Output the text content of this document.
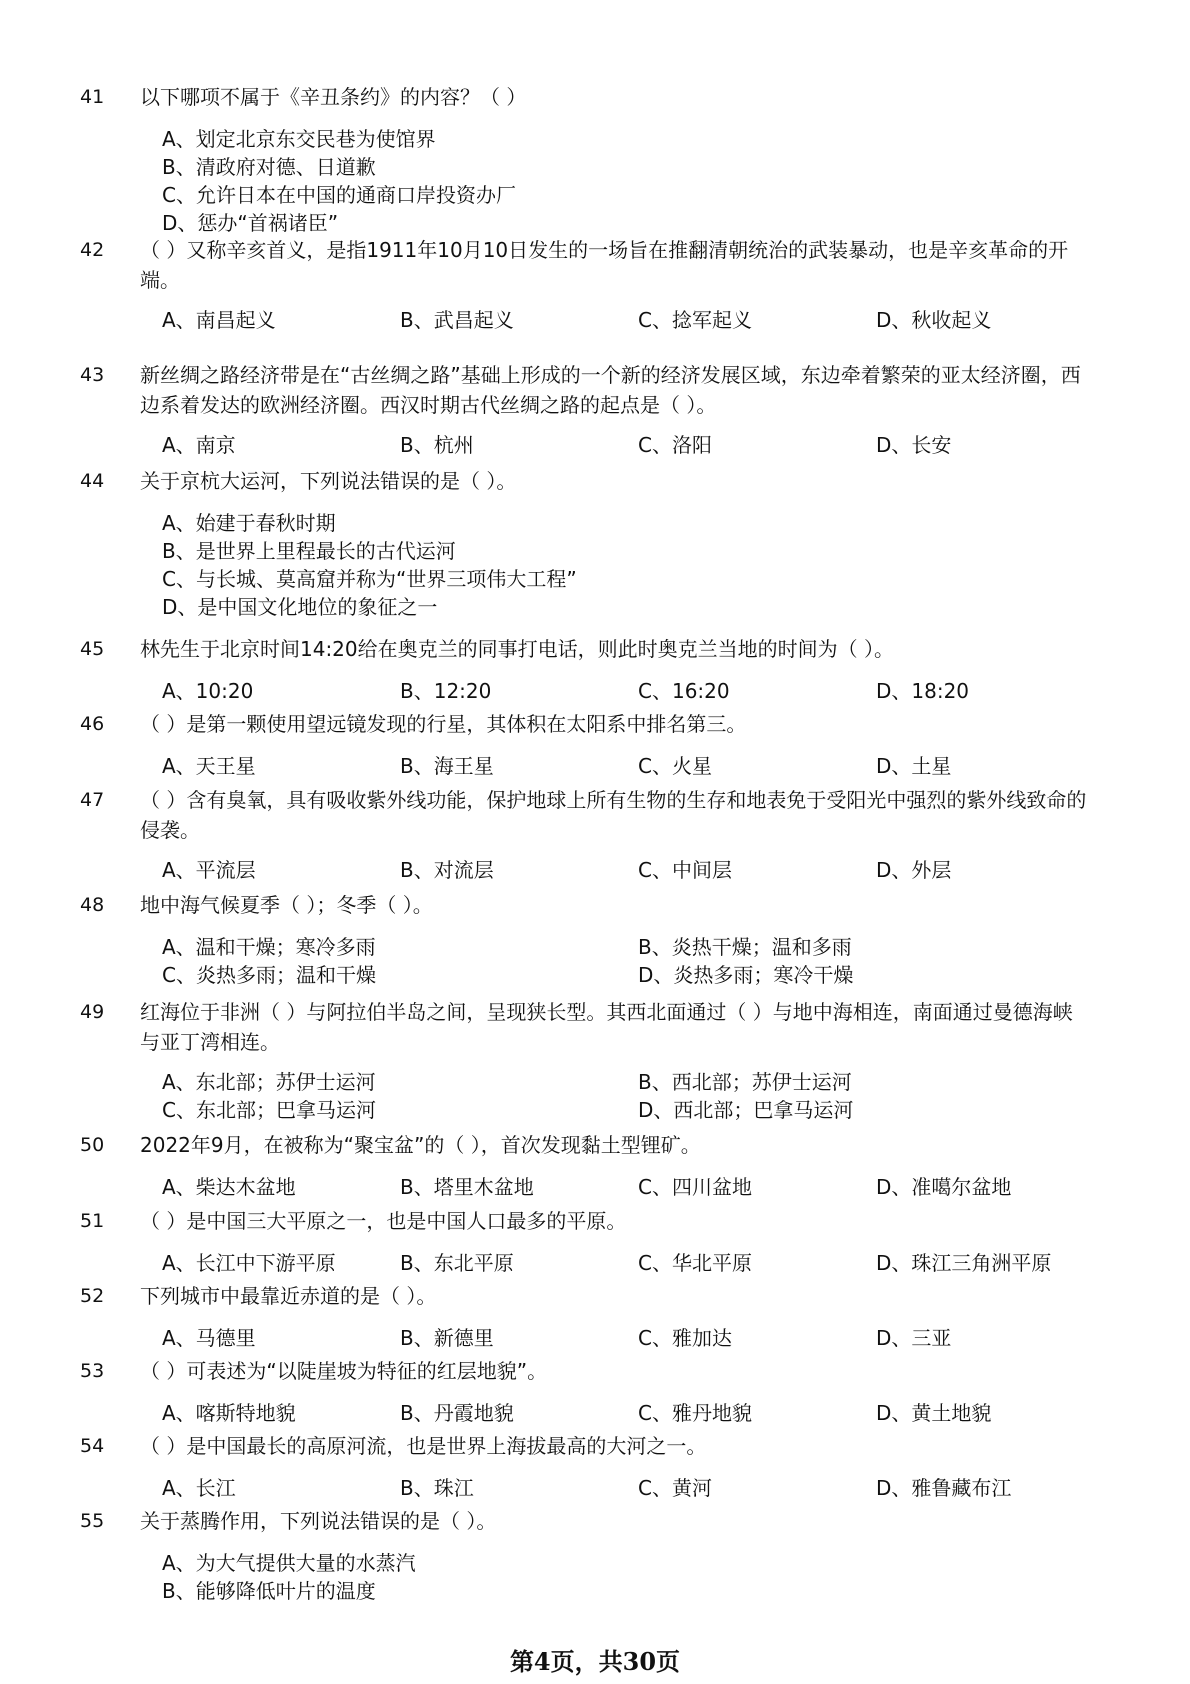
41 以下哪项不属于《辛丑条约》的内容？（ ）
A、划定北京东交民巷为使馆界
B、清政府对德、日道歉
C、允许日本在中国的通商口岸投资办厂
D、惩办“首祸诸臣”
42 （ ）又称辛亥首义，是指1911年10月10日发生的一场旨在推翻清朝统治的武装暴动，也是辛亥革命的开端。
A、南昌起义	B、武昌起义	C、捻军起义	D、秋收起义
43 新丝绸之路经济带是在“古丝绸之路”基础上形成的一个新的经济发展区域，东边牵着繁荣的亚太经济圈，西边系着发达的欧洲经济圈。西汉时期古代丝绸之路的起点是（ ）。
A、南京	B、杭州	C、洛阳	D、长安
44 关于京杭大运河，下列说法错误的是（ ）。
A、始建于春秋时期
B、是世界上里程最长的古代运河
C、与长城、莫高窟并称为“世界三项伟大工程”
D、是中国文化地位的象征之一
45 林先生于北京时间14:20给在奥克兰的同事打电话，则此时奥克兰当地的时间为（ ）。
A、10:20	B、12:20	C、16:20	D、18:20
46 （ ）是第一颗使用望远镜发现的行星，其体积在太阳系中排名第三。
A、天王星	B、海王星	C、火星	D、土星
47 （ ）含有臭氧，具有吸收紫外线功能，保护地球上所有生物的生存和地表免于受阳光中强烈的紫外线致命的侵袭。
A、平流层	B、对流层	C、中间层	D、外层
48 地中海气候夏季（ ）；冬季（ ）。
A、温和干燥；寒冷多雨	B、炎热干燥；温和多雨
C、炎热多雨；温和干燥	D、炎热多雨；寒冷干燥
49 红海位于非洲（ ）与阿拉伯半岛之间，呈现狭长型。其西北面通过（ ）与地中海相连，南面通过曼德海峡与亚丁湾相连。
A、东北部；苏伊士运河	B、西北部；苏伊士运河
C、东北部；巴拿马运河	D、西北部；巴拿马运河
50 2022年9月，在被称为“聚宝盆”的（ ），首次发现黏土型锂矿。
A、柴达木盆地	B、塔里木盆地	C、四川盆地	D、准噶尔盆地
51 （ ）是中国三大平原之一，也是中国人口最多的平原。
A、长江中下游平原	B、东北平原	C、华北平原	D、珠江三角洲平原
52 下列城市中最靠近赤道的是（ ）。
A、马德里	B、新德里	C、雅加达	D、三亚
53 （ ）可表述为“以陡崖坡为特征的红层地貌”。
A、喀斯特地貌	B、丹霞地貌	C、雅丹地貌	D、黄土地貌
54 （ ）是中国最长的高原河流，也是世界上海拔最高的大河之一。
A、长江	B、珠江	C、黄河	D、雅鲁藏布江
55 关于蒸腾作用，下列说法错误的是（ ）。
A、为大气提供大量的水蒸汽
B、能够降低叶片的温度
第4页，共30页
